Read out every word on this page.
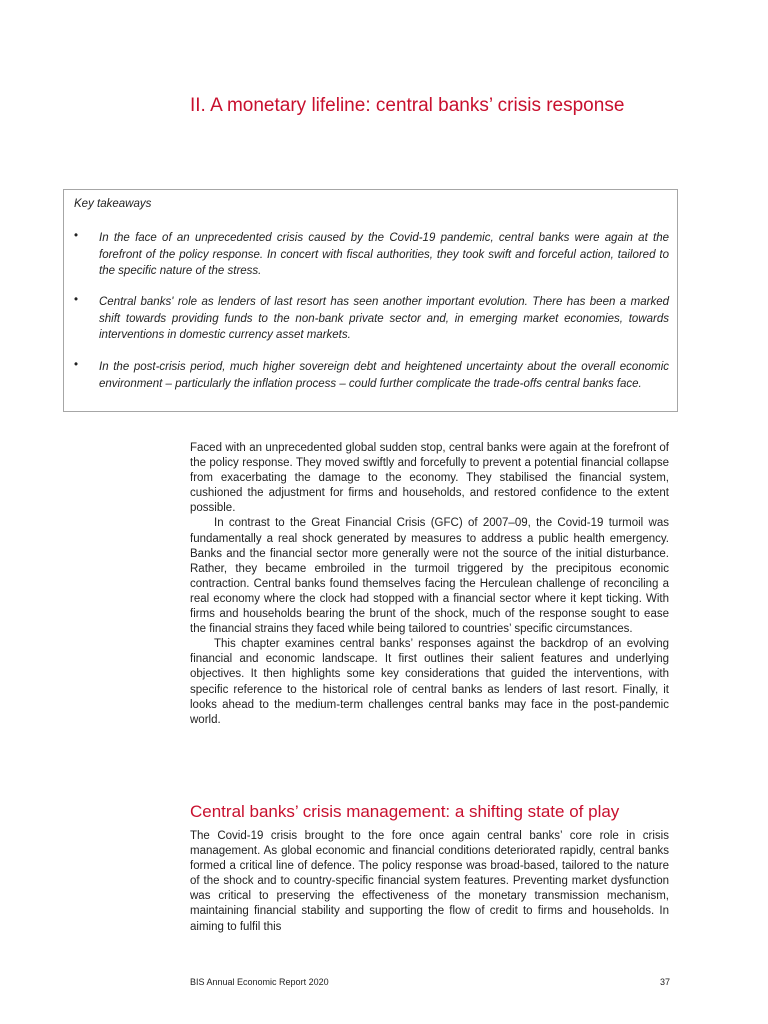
II. A monetary lifeline: central banks’ crisis response
Key takeaways
• In the face of an unprecedented crisis caused by the Covid-19 pandemic, central banks were again at the forefront of the policy response. In concert with fiscal authorities, they took swift and forceful action, tailored to the specific nature of the stress.
• Central banks' role as lenders of last resort has seen another important evolution. There has been a marked shift towards providing funds to the non-bank private sector and, in emerging market economies, towards interventions in domestic currency asset markets.
• In the post-crisis period, much higher sovereign debt and heightened uncertainty about the overall economic environment – particularly the inflation process – could further complicate the trade-offs central banks face.

Faced with an unprecedented global sudden stop, central banks were again at the forefront of the policy response. They moved swiftly and forcefully to prevent a potential financial collapse from exacerbating the damage to the economy. They stabilised the financial system, cushioned the adjustment for firms and households, and restored confidence to the extent possible.

In contrast to the Great Financial Crisis (GFC) of 2007–09, the Covid-19 turmoil was fundamentally a real shock generated by measures to address a public health emergency. Banks and the financial sector more generally were not the source of the initial disturbance. Rather, they became embroiled in the turmoil triggered by the precipitous economic contraction. Central banks found themselves facing the Herculean challenge of reconciling a real economy where the clock had stopped with a financial sector where it kept ticking. With firms and households bearing the brunt of the shock, much of the response sought to ease the financial strains they faced while being tailored to countries’ specific circumstances.

This chapter examines central banks’ responses against the backdrop of an evolving financial and economic landscape. It first outlines their salient features and underlying objectives. It then highlights some key considerations that guided the interventions, with specific reference to the historical role of central banks as lenders of last resort. Finally, it looks ahead to the medium-term challenges central banks may face in the post-pandemic world.

Central banks’ crisis management: a shifting state of play

The Covid-19 crisis brought to the fore once again central banks’ core role in crisis management. As global economic and financial conditions deteriorated rapidly, central banks formed a critical line of defence. The policy response was broad-based, tailored to the nature of the shock and to country-specific financial system features. Preventing market dysfunction was critical to preserving the effectiveness of the monetary transmission mechanism, maintaining financial stability and supporting the flow of credit to firms and households. In aiming to fulfil this

BIS Annual Economic Report 2020	37
